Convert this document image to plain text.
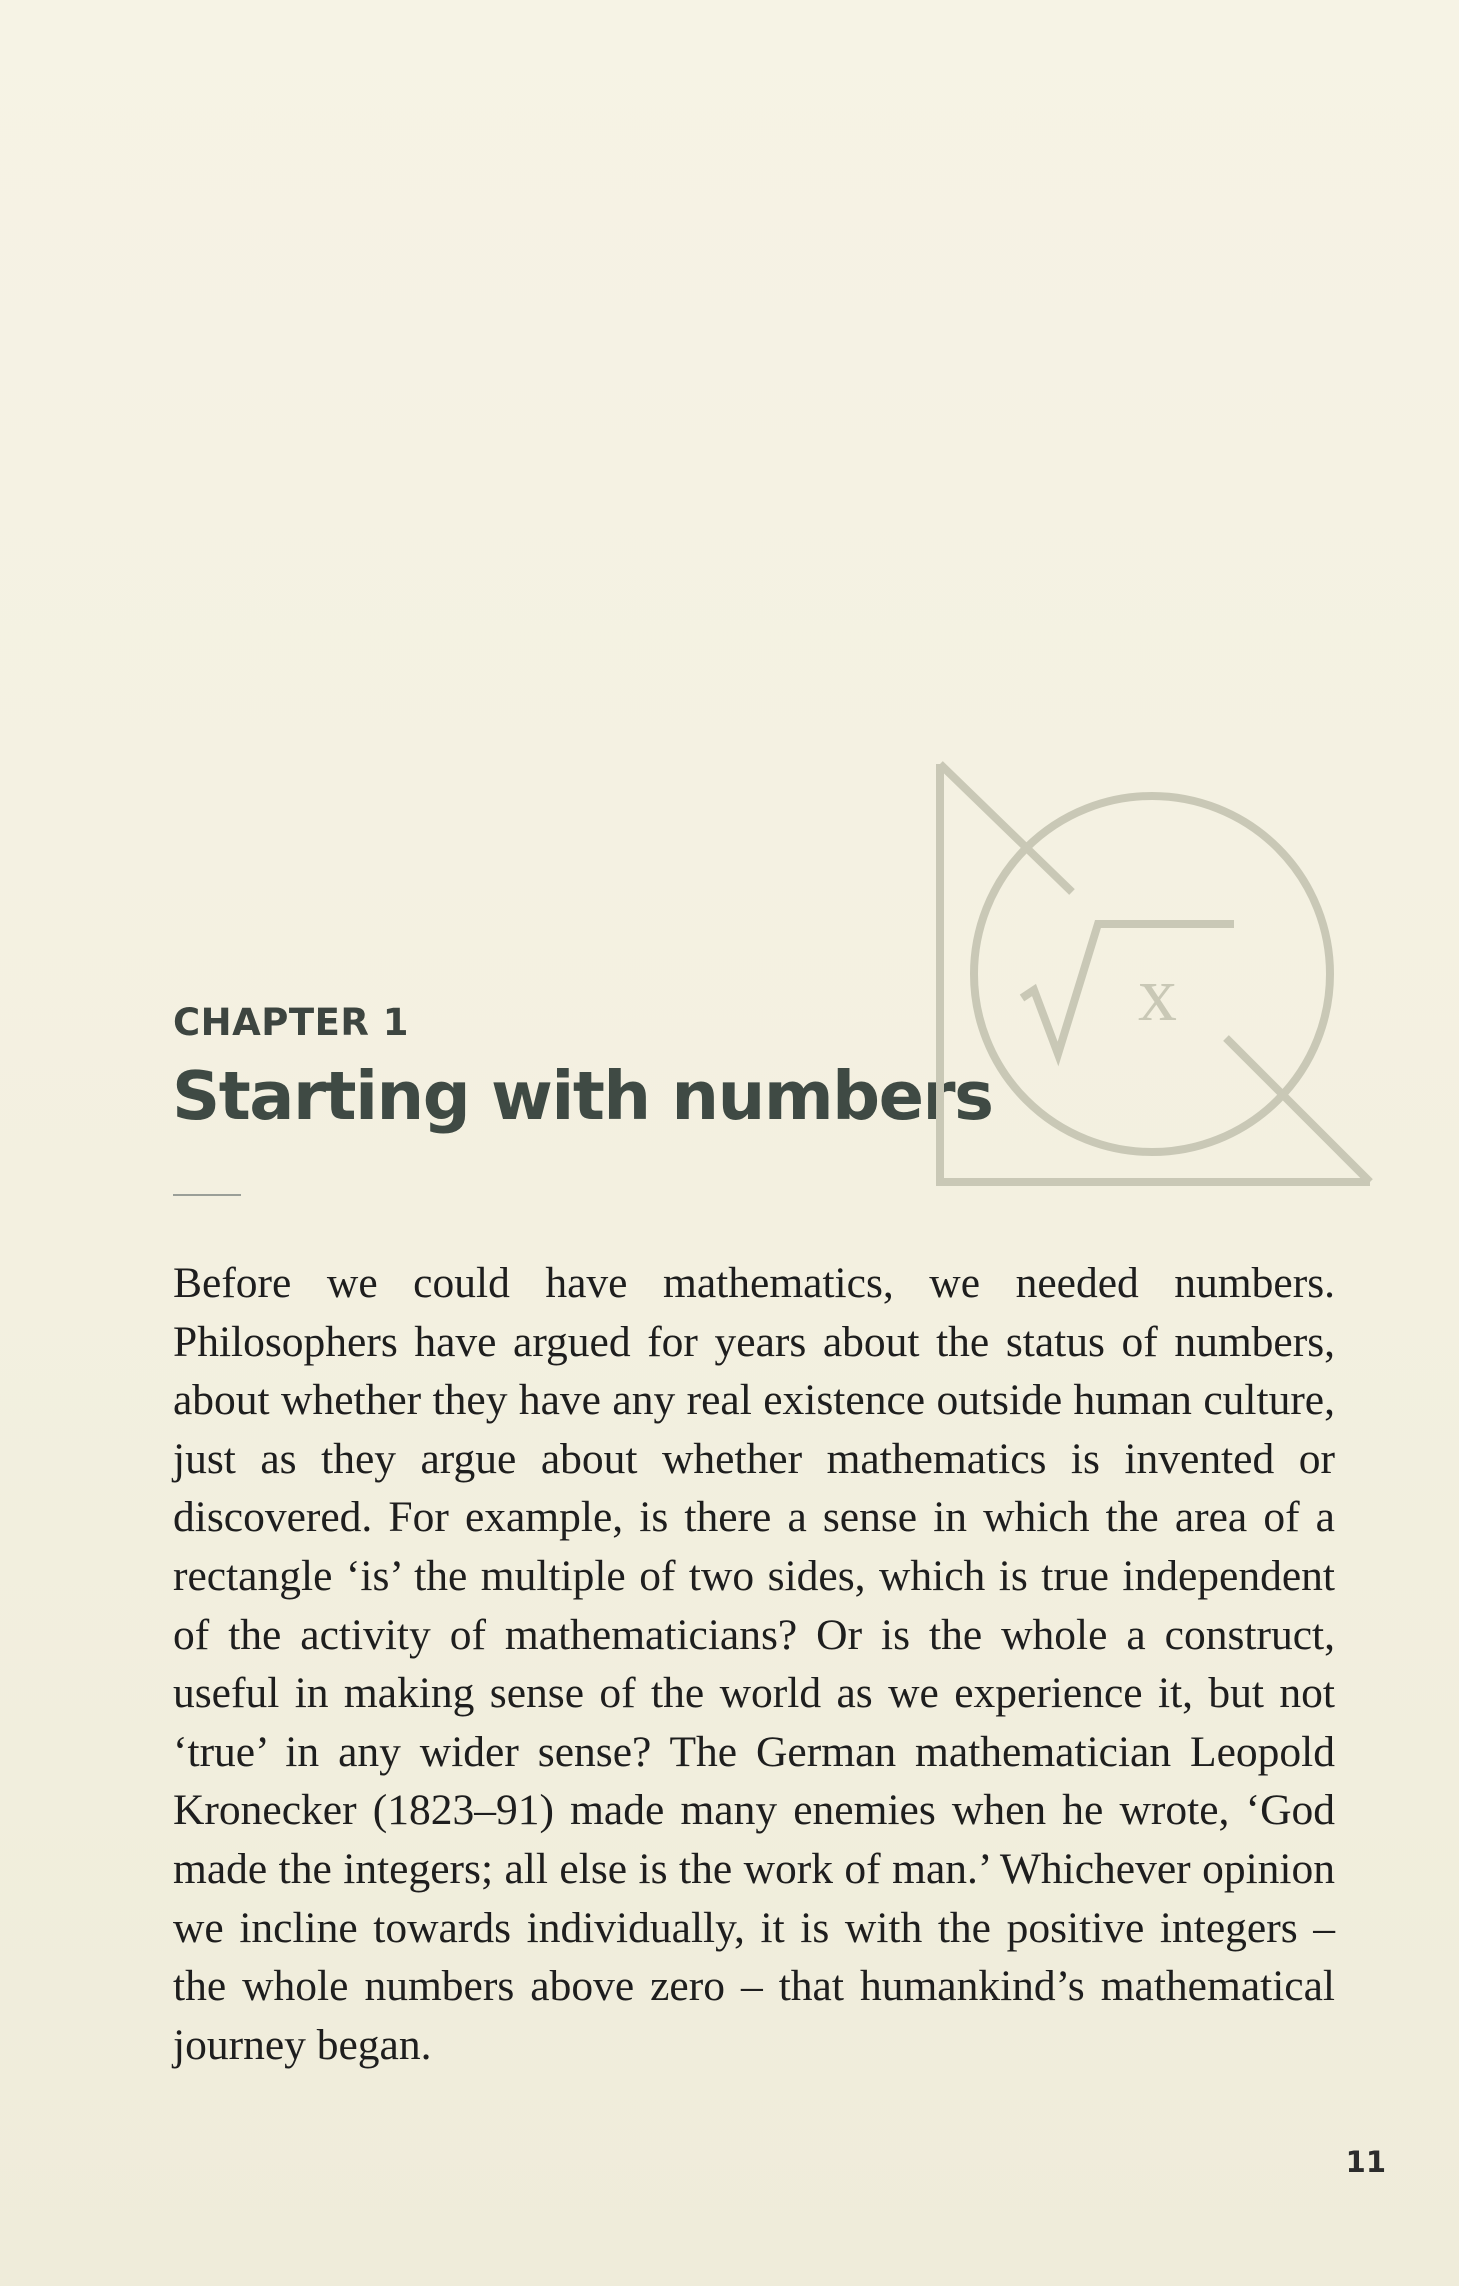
CHAPTER 1
Starting with numbers
x

Before we could have mathematics, we needed numbers. Philosophers have argued for years about the status of numbers, about whether they have any real existence outside human culture, just as they argue about whether mathematics is invented or discovered. For example, is there a sense in which the area of a rectangle ‘is’ the multiple of two sides, which is true independent of the activity of mathematicians? Or is the whole a construct, useful in making sense of the world as we experience it, but not ‘true’ in any wider sense? The German mathematician Leopold Kronecker (1823–91) made many enemies when he wrote, ‘God made the integers; all else is the work of man.’ Whichever opinion we incline towards individually, it is with the positive integers – the whole numbers above zero – that humankind’s mathematical journey began.

11
